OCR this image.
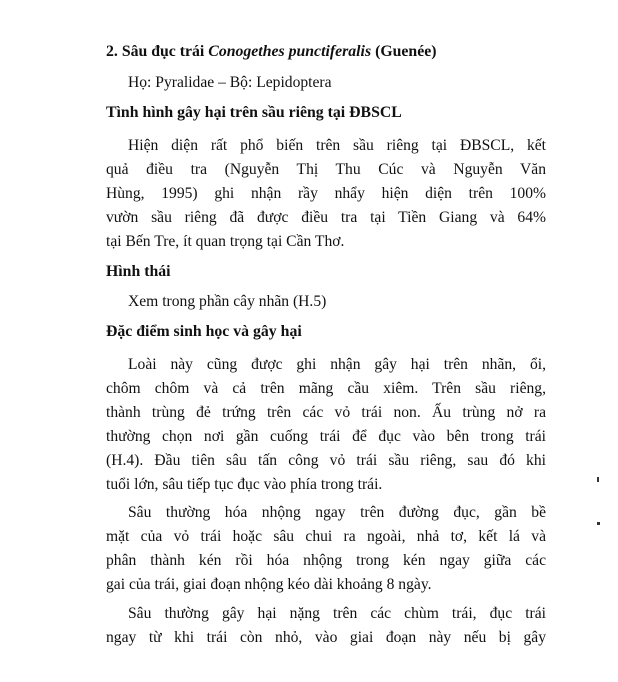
2. Sâu đục trái Conogethes punctiferalis (Guenée)
Họ: Pyralidae – Bộ: Lepidoptera
Tình hình gây hại trên sầu riêng tại ĐBSCL
Hiện diện rất phổ biến trên sầu riêng tại ĐBSCL, kết
quả điều tra (Nguyễn Thị Thu Cúc và Nguyễn Văn
Hùng, 1995) ghi nhận rầy nhẩy hiện diện trên 100%
vườn sầu riêng đã được điều tra tại Tiền Giang và 64%
tại Bến Tre, ít quan trọng tại Cần Thơ.
Hình thái
Xem trong phần cây nhãn (H.5)
Đặc điểm sinh học và gây hại
Loài này cũng được ghi nhận gây hại trên nhãn, ổi,
chôm chôm và cả trên mãng cầu xiêm. Trên sầu riêng,
thành trùng đẻ trứng trên các vỏ trái non. Ấu trùng nở ra
thường chọn nơi gần cuống trái để đục vào bên trong trái
(H.4). Đầu tiên sâu tấn công vỏ trái sầu riêng, sau đó khi
tuổi lớn, sâu tiếp tục đục vào phía trong trái.
Sâu thường hóa nhộng ngay trên đường đục, gần bề
mặt của vỏ trái hoặc sâu chui ra ngoài, nhả tơ, kết lá và
phân thành kén rồi hóa nhộng trong kén ngay giữa các
gai của trái, giai đoạn nhộng kéo dài khoảng 8 ngày.
Sâu thường gây hại nặng trên các chùm trái, đục trái
ngay từ khi trái còn nhỏ, vào giai đoạn này nếu bị gây
